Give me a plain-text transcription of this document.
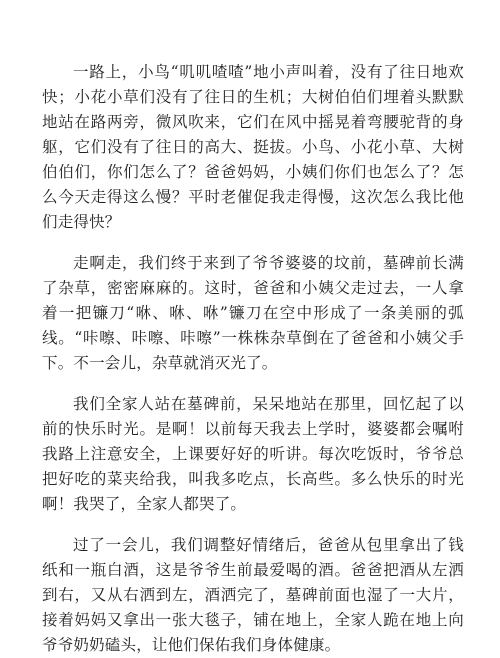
一路上，小鸟“叽叽喳喳”地小声叫着，没有了往日地欢快；小花小草们没有了往日的生机；大树伯伯们埋着头默默地站在路两旁，微风吹来，它们在风中摇晃着弯腰驼背的身躯，它们没有了往日的高大、挺拔。小鸟、小花小草、大树伯伯们，你们怎么了？爸爸妈妈，小姨们你们也怎么了？怎么今天走得这么慢？平时老催促我走得慢，这次怎么我比他们走得快？

走啊走，我们终于来到了爷爷婆婆的坟前，墓碑前长满了杂草，密密麻麻的。这时，爸爸和小姨父走过去，一人拿着一把镰刀“咻、咻、咻”镰刀在空中形成了一条美丽的弧线。“咔嚓、咔嚓、咔嚓”一株株杂草倒在了爸爸和小姨父手下。不一会儿，杂草就消灭光了。

我们全家人站在墓碑前，呆呆地站在那里，回忆起了以前的快乐时光。是啊！以前每天我去上学时，婆婆都会嘱咐我路上注意安全，上课要好好的听讲。每次吃饭时，爷爷总把好吃的菜夹给我，叫我多吃点，长高些。多么快乐的时光啊！我哭了，全家人都哭了。

过了一会儿，我们调整好情绪后，爸爸从包里拿出了钱纸和一瓶白酒，这是爷爷生前最爱喝的酒。爸爸把酒从左洒到右，又从右洒到左，酒洒完了，墓碑前面也湿了一大片，接着妈妈又拿出一张大毯子，铺在地上，全家人跪在地上向爷爷奶奶磕头，让他们保佑我们身体健康。
